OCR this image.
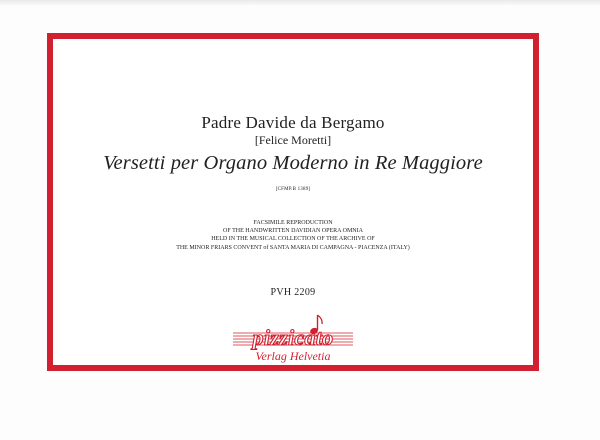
Padre Davide da Bergamo
[Felice Moretti]
Versetti per Organo Moderno in Re Maggiore
[CFMP.B 1389]
FACSIMILE REPRODUCTION
OF THE HANDWRITTEN DAVIDIAN OPERA OMNIA
HELD IN THE MUSICAL COLLECTION OF THE ARCHIVE OF
THE MINOR FRIARS CONVENT of SANTA MARIA DI CAMPAGNA - PIACENZA (ITALY)
PVH 2209
pizzicato
Verlag Helvetia
